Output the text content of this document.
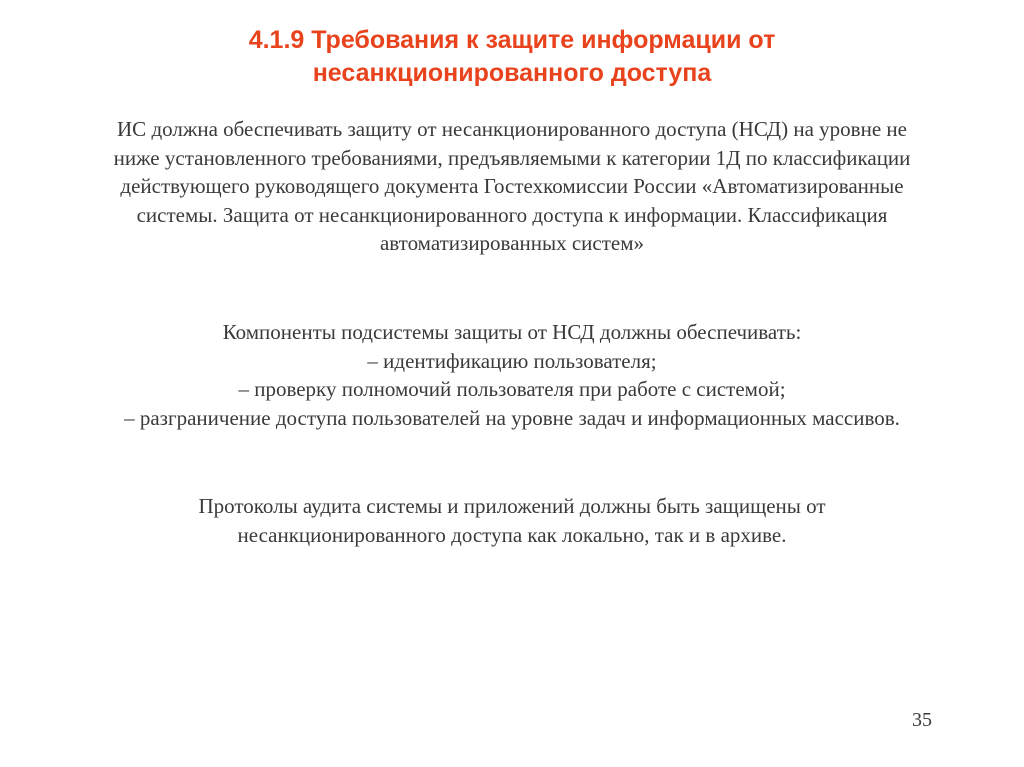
4.1.9 Требования к защите информации от
несанкционированного доступа
ИС должна обеспечивать защиту от несанкционированного доступа (НСД) на уровне не
ниже установленного требованиями, предъявляемыми к категории 1Д по классификации
действующего руководящего документа Гостехкомиссии России «Автоматизированные
системы. Защита от несанкционированного доступа к информации. Классификация
автоматизированных систем»
Компоненты подсистемы защиты от НСД должны обеспечивать:
– идентификацию пользователя;
– проверку полномочий пользователя при работе с системой;
– разграничение доступа пользователей на уровне задач и информационных массивов.
Протоколы аудита системы и приложений должны быть защищены от
несанкционированного доступа как локально, так и в архиве.
35
